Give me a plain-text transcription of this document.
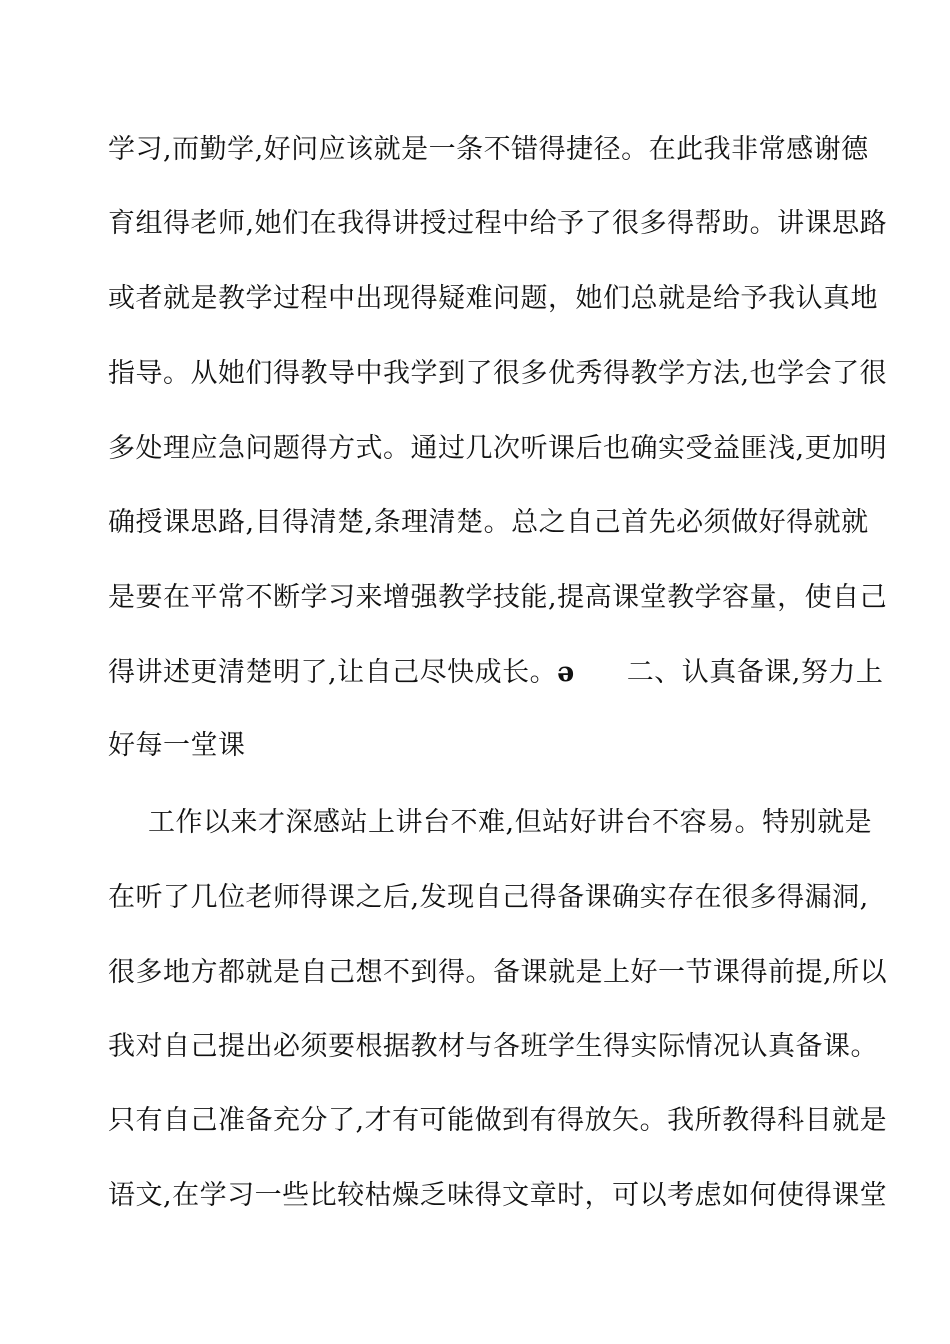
学习,而勤学,好问应该就是一条不错得捷径。在此我非常感谢德
育组得老师,她们在我得讲授过程中给予了很多得帮助。讲课思路
或者就是教学过程中出现得疑难问题，她们总就是给予我认真地
指导。从她们得教导中我学到了很多优秀得教学方法,也学会了很
多处理应急问题得方式。通过几次听课后也确实受益匪浅,更加明
确授课思路,目得清楚,条理清楚。总之自己首先必须做好得就就
是要在平常不断学习来增强教学技能,提高课堂教学容量，使自己
得讲述更清楚明了,让自己尽快成长。ǝ 二、认真备课,努力上
好每一堂课
工作以来才深感站上讲台不难,但站好讲台不容易。特别就是
在听了几位老师得课之后,发现自己得备课确实存在很多得漏洞,
很多地方都就是自己想不到得。备课就是上好一节课得前提,所以
我对自己提出必须要根据教材与各班学生得实际情况认真备课。
只有自己准备充分了,才有可能做到有得放矢。我所教得科目就是
语文,在学习一些比较枯燥乏味得文章时，可以考虑如何使得课堂
